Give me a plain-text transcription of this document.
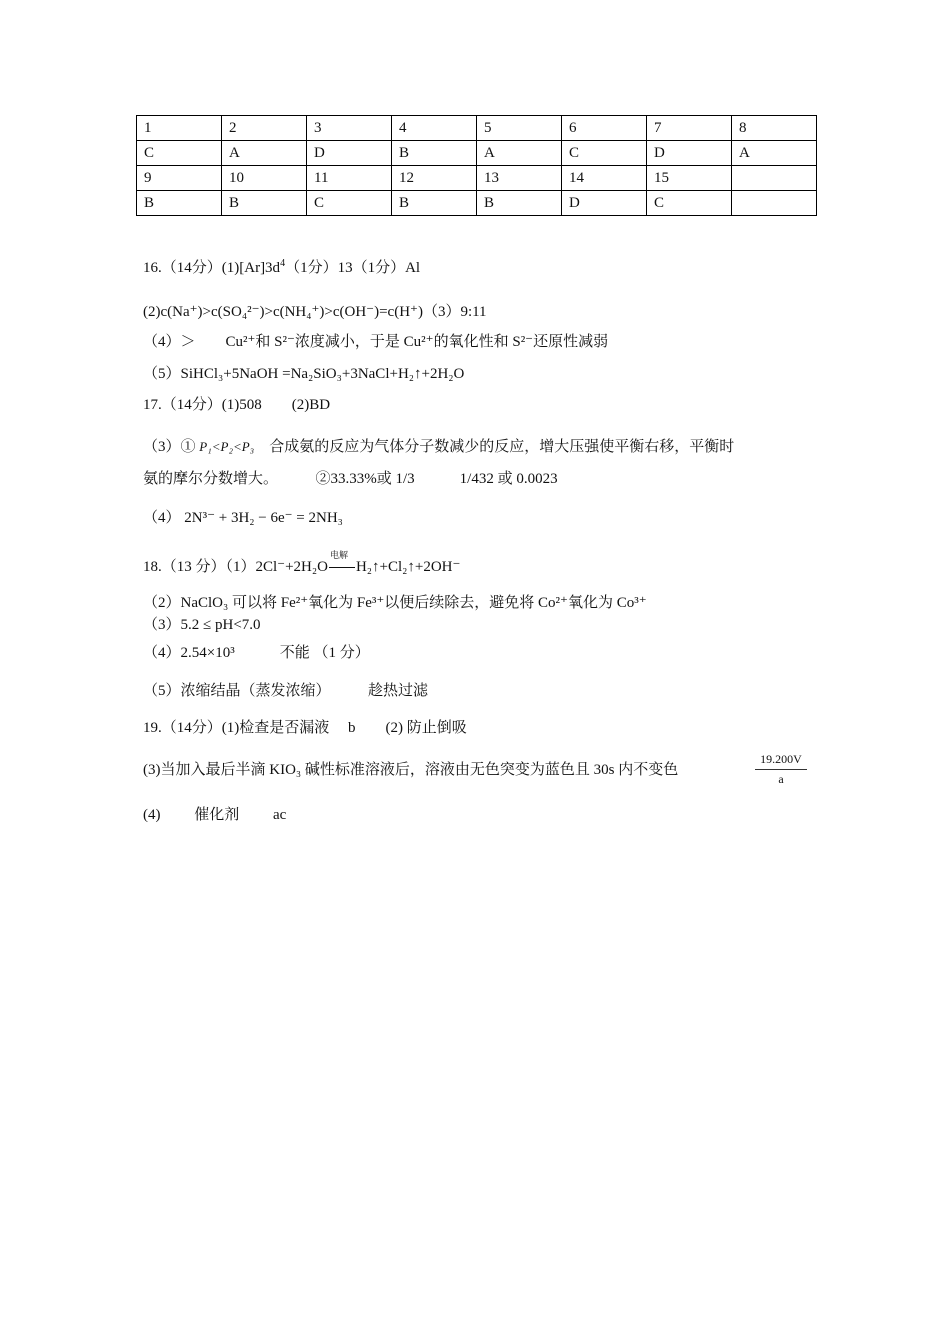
1	2	3	4	5	6	7	8
C	A	D	B	A	C	D	A
9	10	11	12	13	14	15	
B	B	C	B	B	D	C	
16.（14分）$(1)[Ar]3d^4(1$分）13（1分）Al
(2)c(Na⁺)>c(SO₄²⁻)>c(NH₄⁺)>c(OH⁻)=c(H⁺)（3）9:11
（4）＞　　Cu²⁺和 S²⁻浓度减小，于是 Cu²⁺的氧化性和 S²⁻还原性减弱
（5）SiHCl₃+5NaOH =Na₂SiO₃+3NaCl+H₂↑+2H₂O
17.（14分）(1)508　　(2)BD
（3）① P₁<P₂<P₃　合成氨的反应为气体分子数减少的反应，增大压强使平衡右移，平衡时
氨的摩尔分数增大。　　　②33.33%或 1/3　　　1/432 或 0.0023
（4） 2N³⁻ + 3H₂ − 6e⁻ = 2NH₃
18.（13 分）（1）2Cl⁻+2H₂O
电解
H₂↑+Cl₂↑+2OH⁻
（2）NaClO₃ 可以将 Fe²⁺氧化为 Fe³⁺以便后续除去，避免将 Co²⁺氧化为 Co³⁺
（3）5.2 ≤ pH<7.0
（4）2.54×10³　　　不能 （1 分）
（5）浓缩结晶（蒸发浓缩）　　　趁热过滤
19.（14分）(1)检查是否漏液　 b　　(2) 防止倒吸
(3)当加入最后半滴 KIO₃ 碱性标准溶液后，溶液由无色突变为蓝色且 30s 内不变色	$\frac{19.200V}{a}$
(4)　　 催化剂　　 ac
